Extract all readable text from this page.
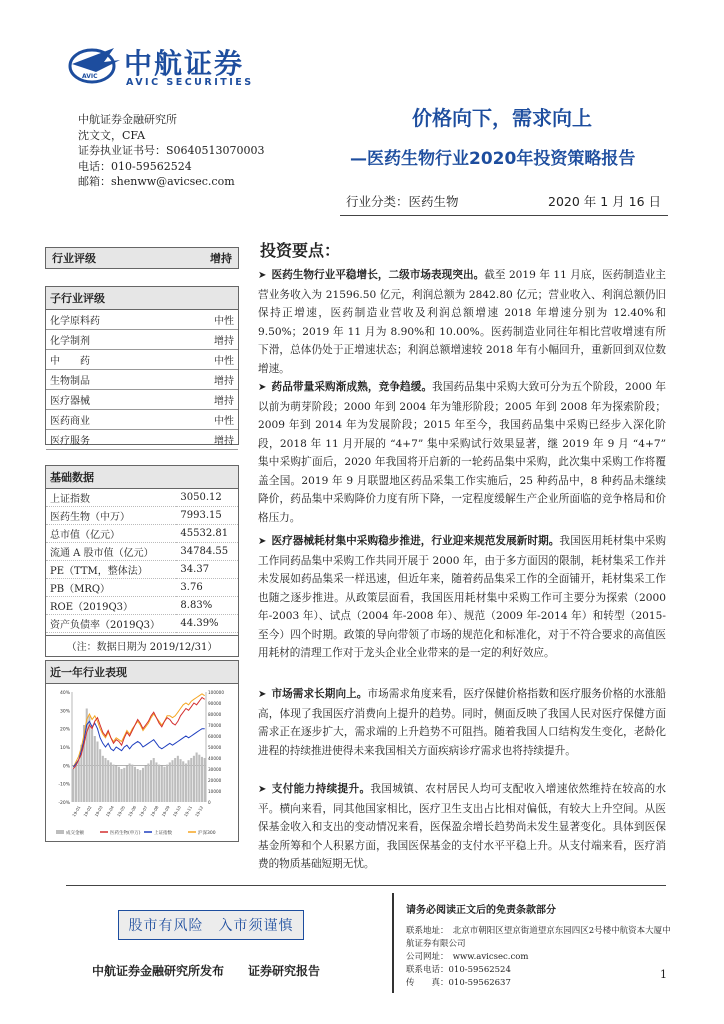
AVIC 中航证券
AVIC SECURITIES
中航证券金融研究所
沈文文，CFA
证券执业证书号：S0640513070003
电话：010-59562524
邮箱：shenww@avicsec.com
价格向下，需求向上
—医药生物行业2020年投资策略报告
行业分类：医药生物	2020 年 1 月 16 日
行业评级	增持
子行业评级
化学原料药	中性
化学制剂	增持
中　　药	中性
生物制品	增持
医疗器械	增持
医药商业	中性
医疗服务	增持
基础数据
上证指数	3050.12
医药生物（中万）	7993.15
总市值（亿元）	45532.81
流通 A 股市值（亿元）	34784.55
PE（TTM，整体法）	34.37
PB（MRQ）	3.76
ROE（2019Q3）	8.83%
资产负债率（2019Q3）	44.39%
（注：数据日期为 2019/12/31）
近一年行业表现
40%
30%
20%
10%
0%
-10%
-20%
100000
90000
80000
70000
60000
50000
40000
30000
20000
10000
0
19-01 19-02 19-03 19-04 19-05 19-06 19-07 19-08 19-09 19-10 19-11 19-12
成交金额	医药生物(申万)	上证指数	沪深300
投资要点：
➤ 医药生物行业平稳增长，二级市场表现突出。截至 2019 年 11 月底，医药制造业主营业务收入为 21596.50 亿元，利润总额为 2842.80 亿元；营业收入、利润总额仍旧保持正增速，医药制造业营收及利润总额增速 2018 年增速分别为 12.40%和 9.50%；2019 年 11 月为 8.90%和 10.00%。医药制造业同往年相比营收增速有所下滑，总体仍处于正增速状态；利润总额增速较 2018 年有小幅回升，重新回到双位数增速。
➤ 药品带量采购渐成熟，竞争趋缓。我国药品集中采购大致可分为五个阶段，2000 年以前为萌芽阶段；2000 年到 2004 年为雏形阶段；2005 年到 2008 年为探索阶段；2009 年到 2014 年为发展阶段；2015 年至今，我国药品集中采购已经步入深化阶段，2018 年 11 月开展的 “4+7” 集中采购试行效果显著，继 2019 年 9 月 “4+7” 集中采购扩面后，2020 年我国将开启新的一轮药品集中采购，此次集中采购工作将覆盖全国。2019 年 9 月联盟地区药品采集工作实施后，25 种药品中，8 种药品未继续降价，药品集中采购降价力度有所下降，一定程度缓解生产企业所面临的竞争格局和价格压力。
➤ 医疗器械耗材集中采购稳步推进，行业迎来规范发展新时期。我国医用耗材集中采购工作同药品集中采购工作共同开展于 2000 年，由于多方面因的限制，耗材集采工作并未发展如药品集采一样迅速，但近年来，随着药品集采工作的全面铺开，耗材集采工作也随之逐步推进。从政策层面看，我国医用耗材集中采购工作可主要分为探索（2000 年-2003 年）、试点（2004 年-2008 年）、规范（2009 年-2014 年）和转型（2015-至今）四个时期。政策的导向带领了市场的规范化和标准化，对于不符合要求的高值医用耗材的清理工作对于龙头企业全业带来的是一定的利好效应。
➤ 市场需求长期向上。市场需求角度来看，医疗保健价格指数和医疗服务价格的水涨船高，体现了我国医疗消费向上提升的趋势。同时，侧面反映了我国人民对医疗保健方面需求正在逐步扩大，需求端的上升趋势不可阻挡。随着我国人口结构发生变化，老龄化进程的持续推进使得未来我国相关方面疾病诊疗需求也将持续提升。
➤ 支付能力持续提升。我国城镇、农村居民人均可支配收入增速依然维持在较高的水平。横向来看，同其他国家相比，医疗卫生支出占比相对偏低，有较大上升空间。从医保基金收入和支出的变动情况来看，医保盈余增长趋势尚未发生显著变化。具体到医保基金所筹和个人积累方面，我国医保基金的支付水平平稳上升。从支付端来看，医疗消费的物质基础短期无忧。
股市有风险　入市须谨慎
请务必阅读正文后的免责条款部分
联系地址：　北京市朝阳区望京街道望京东园四区2号楼中航资本大厦中航证券有限公司
公司网址：　www.avicsec.com
联系电话：010-59562524
传　　真：010-59562637
中航证券金融研究所发布　　证券研究报告	1
